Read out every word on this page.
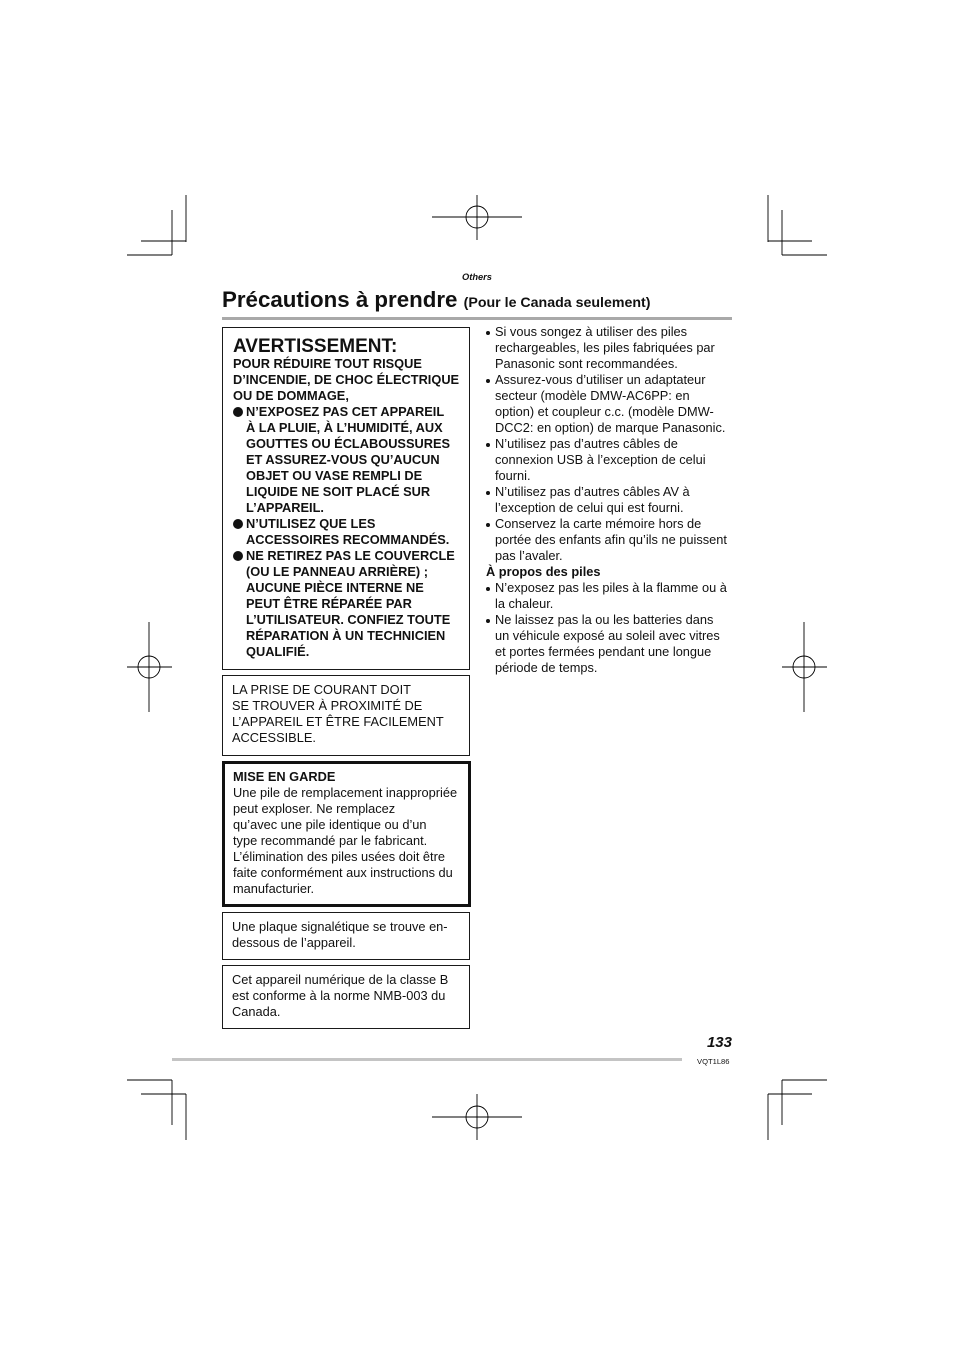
Others
Précautions à prendre (Pour le Canada seulement)
AVERTISSEMENT:
POUR RÉDUIRE TOUT RISQUE
D’INCENDIE, DE CHOC ÉLECTRIQUE
OU DE DOMMAGE,
N’EXPOSEZ PAS CET APPAREIL
À LA PLUIE, À L’HUMIDITÉ, AUX
GOUTTES OU ÉCLABOUSSURES
ET ASSUREZ-VOUS QU’AUCUN
OBJET OU VASE REMPLI DE
LIQUIDE NE SOIT PLACÉ SUR
L’APPAREIL.
N’UTILISEZ QUE LES
ACCESSOIRES RECOMMANDÉS.
NE RETIREZ PAS LE COUVERCLE
(OU LE PANNEAU ARRIÈRE) ;
AUCUNE PIÈCE INTERNE NE
PEUT ÊTRE RÉPARÉE PAR
L’UTILISATEUR. CONFIEZ TOUTE
RÉPARATION À UN TECHNICIEN
QUALIFIÉ.
LA PRISE DE COURANT DOIT
SE TROUVER À PROXIMITÉ DE
L’APPAREIL ET ÊTRE FACILEMENT
ACCESSIBLE.
MISE EN GARDE
Une pile de remplacement inappropriée
peut exploser. Ne remplacez
qu’avec une pile identique ou d’un
type recommandé par le fabricant.
L’élimination des piles usées doit être
faite conformément aux instructions du
manufacturier.
Une plaque signalétique se trouve en-
dessous de l’appareil.
Cet appareil numérique de la classe B
est conforme à la norme NMB-003 du
Canada.
Si vous songez à utiliser des piles
rechargeables, les piles fabriquées par
Panasonic sont recommandées.
Assurez-vous d’utiliser un adaptateur
secteur (modèle DMW-AC6PP: en
option) et coupleur c.c. (modèle DMW-
DCC2: en option) de marque Panasonic.
N’utilisez pas d’autres câbles de
connexion USB à l’exception de celui
fourni.
N’utilisez pas d’autres câbles AV à
l’exception de celui qui est fourni.
Conservez la carte mémoire hors de
portée des enfants afin qu’ils ne puissent
pas l’avaler.
À propos des piles
N’exposez pas les piles à la flamme ou à
la chaleur.
Ne laissez pas la ou les batteries dans
un véhicule exposé au soleil avec vitres
et portes fermées pendant une longue
période de temps.
133
VQT1L86
